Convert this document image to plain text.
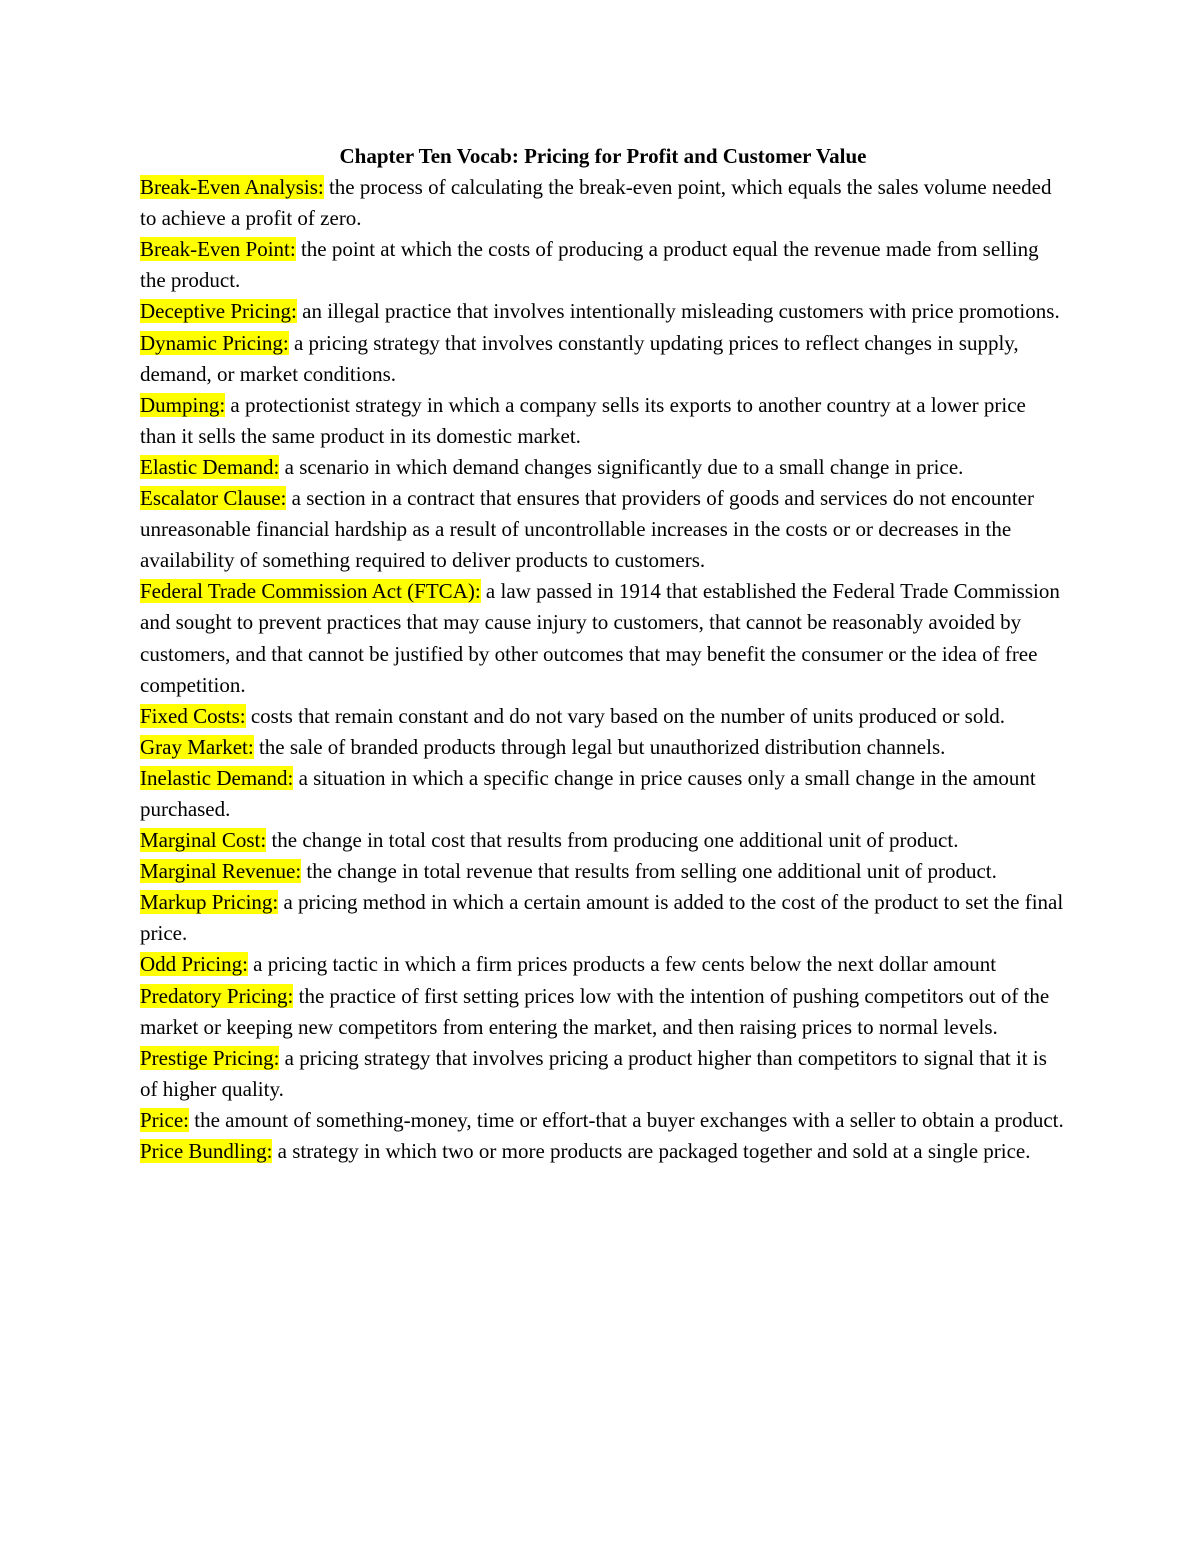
Chapter Ten Vocab: Pricing for Profit and Customer Value

Break-Even Analysis: the process of calculating the break-even point, which equals the sales volume needed to achieve a profit of zero.

Break-Even Point: the point at which the costs of producing a product equal the revenue made from selling the product.

Deceptive Pricing: an illegal practice that involves intentionally misleading customers with price promotions.

Dynamic Pricing: a pricing strategy that involves constantly updating prices to reflect changes in supply, demand, or market conditions.

Dumping: a protectionist strategy in which a company sells its exports to another country at a lower price than it sells the same product in its domestic market.

Elastic Demand: a scenario in which demand changes significantly due to a small change in price.

Escalator Clause: a section in a contract that ensures that providers of goods and services do not encounter unreasonable financial hardship as a result of uncontrollable increases in the costs or or decreases in the availability of something required to deliver products to customers.

Federal Trade Commission Act (FTCA): a law passed in 1914 that established the Federal Trade Commission and sought to prevent practices that may cause injury to customers, that cannot be reasonably avoided by customers, and that cannot be justified by other outcomes that may benefit the consumer or the idea of free competition.

Fixed Costs: costs that remain constant and do not vary based on the number of units produced or sold.

Gray Market: the sale of branded products through legal but unauthorized distribution channels.

Inelastic Demand: a situation in which a specific change in price causes only a small change in the amount purchased.

Marginal Cost: the change in total cost that results from producing one additional unit of product.

Marginal Revenue: the change in total revenue that results from selling one additional unit of product.

Markup Pricing: a pricing method in which a certain amount is added to the cost of the product to set the final price.

Odd Pricing: a pricing tactic in which a firm prices products a few cents below the next dollar amount

Predatory Pricing: the practice of first setting prices low with the intention of pushing competitors out of the market or keeping new competitors from entering the market, and then raising prices to normal levels.

Prestige Pricing: a pricing strategy that involves pricing a product higher than competitors to signal that it is of higher quality.

Price: the amount of something-money, time or effort-that a buyer exchanges with a seller to obtain a product.

Price Bundling: a strategy in which two or more products are packaged together and sold at a single price.
